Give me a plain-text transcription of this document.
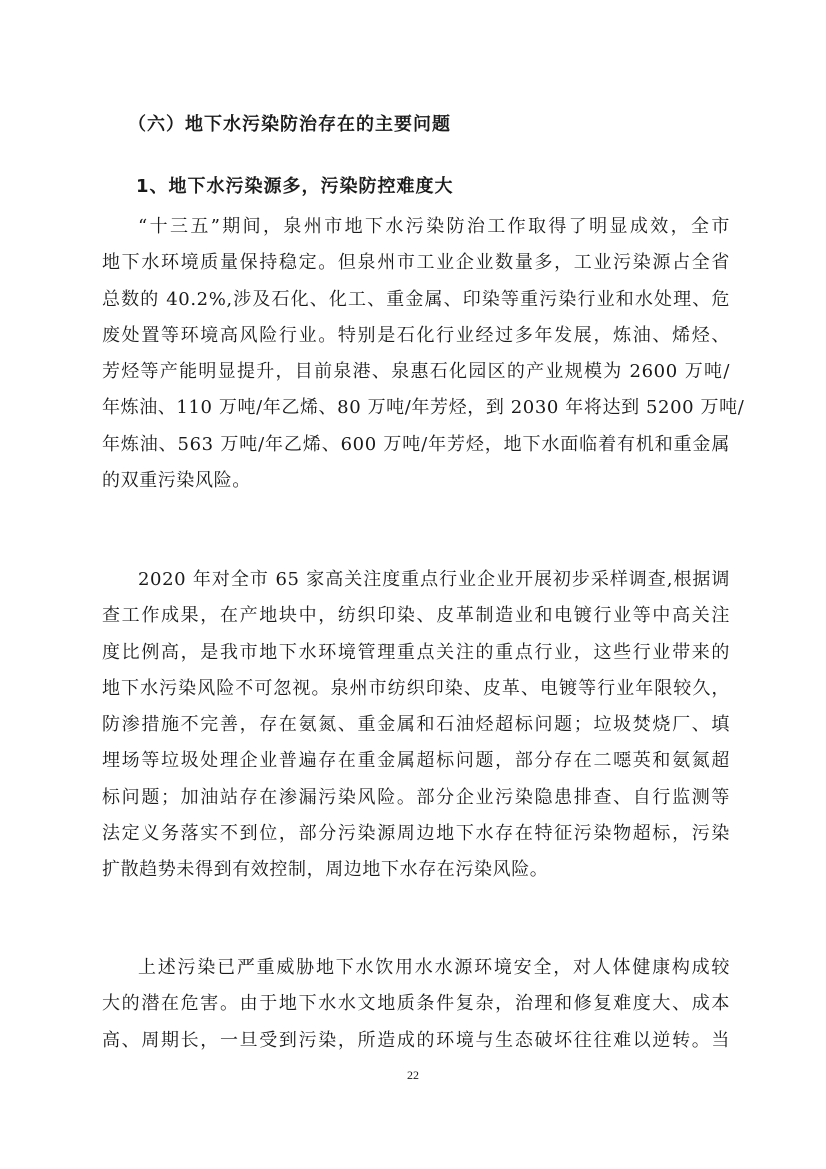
（六）地下水污染防治存在的主要问题
1、地下水污染源多，污染防控难度大
“十三五”期间，泉州市地下水污染防治工作取得了明显成效，全市
地下水环境质量保持稳定。但泉州市工业企业数量多，工业污染源占全省
总数的 40.2%,涉及石化、化工、重金属、印染等重污染行业和水处理、危
废处置等环境高风险行业。特别是石化行业经过多年发展，炼油、烯烃、
芳烃等产能明显提升，目前泉港、泉惠石化园区的产业规模为 2600 万吨/
年炼油、110 万吨/年乙烯、80 万吨/年芳烃，到 2030 年将达到 5200 万吨/
年炼油、563 万吨/年乙烯、600 万吨/年芳烃，地下水面临着有机和重金属
的双重污染风险。
2020 年对全市 65 家高关注度重点行业企业开展初步采样调查,根据调
查工作成果，在产地块中，纺织印染、皮革制造业和电镀行业等中高关注
度比例高，是我市地下水环境管理重点关注的重点行业，这些行业带来的
地下水污染风险不可忽视。泉州市纺织印染、皮革、电镀等行业年限较久，
防渗措施不完善，存在氨氮、重金属和石油烃超标问题；垃圾焚烧厂、填
埋场等垃圾处理企业普遍存在重金属超标问题，部分存在二噁英和氨氮超
标问题；加油站存在渗漏污染风险。部分企业污染隐患排查、自行监测等
法定义务落实不到位，部分污染源周边地下水存在特征污染物超标，污染
扩散趋势未得到有效控制，周边地下水存在污染风险。
上述污染已严重威胁地下水饮用水水源环境安全，对人体健康构成较
大的潜在危害。由于地下水水文地质条件复杂，治理和修复难度大、成本
高、周期长，一旦受到污染，所造成的环境与生态破坏往往难以逆转。当

22
